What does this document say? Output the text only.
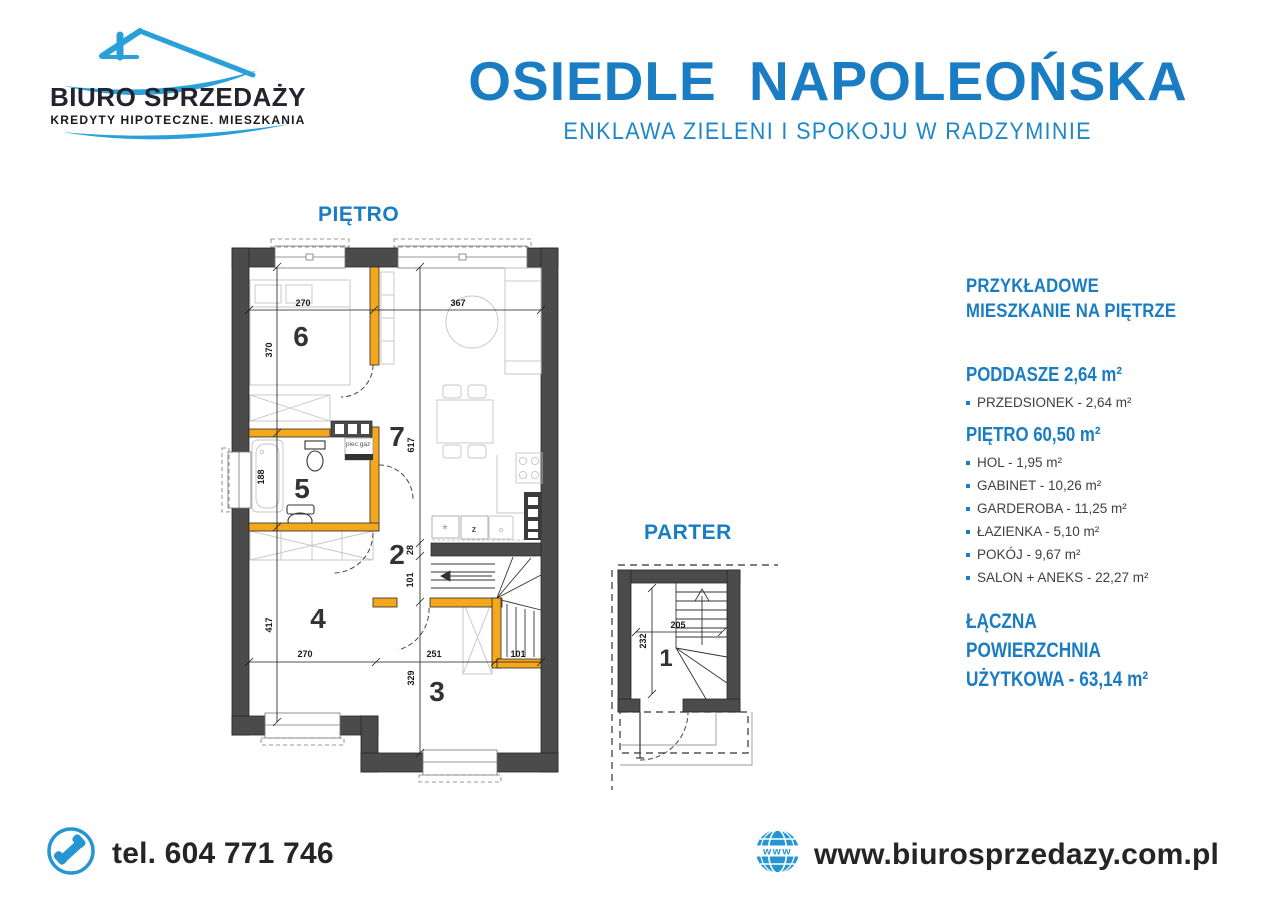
BIURO SPRZEDAŻY
KREDYTY HIPOTECZNE. MIESZKANIA
OSIEDLE NAPOLEOŃSKA
ENKLAWA ZIELENI I SPOKOJU W RADZYMINIE
PIĘTRO
PARTER
piec gaz
*	z
270	367
370
417
617
28
101
329
270	251	101
188
6
7
5
2
4
3
205
232
1
PRZYKŁADOWE MIESZKANIE NA PIĘTRZE
PODDASZE 2,64 m²
PRZEDSIONEK - 2,64 m²
PIĘTRO 60,50 m²
HOL - 1,95 m²
GABINET - 10,26 m²
GARDEROBA - 11,25 m²
ŁAZIENKA - 5,10 m²
POKÓJ - 9,67 m²
SALON + ANEKS - 22,27 m²
ŁĄCZNA POWIERZCHNIA UŻYTKOWA - 63,14 m²
tel. 604 771 746	www www.biurosprzedazy.com.pl
